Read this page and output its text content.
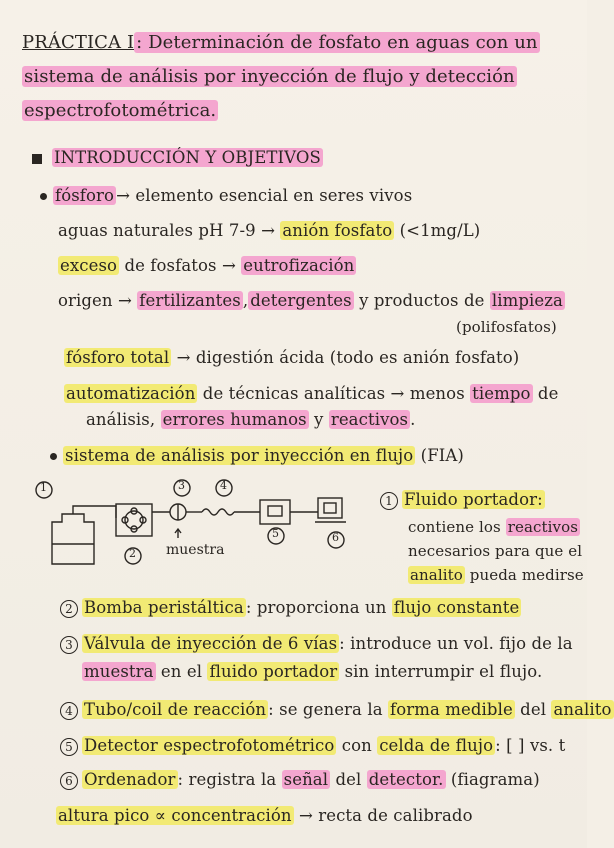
PRÁCTICA I : Determinación de fosfato en aguas con un
sistema de análisis por inyección de flujo y detección
espectrofotométrica.
INTRODUCCIÓN Y OBJETIVOS
fósforo → elemento esencial en seres vivos
aguas naturales pH 7-9 → anión fosfato (<1mg/L)
exceso de fosfatos → eutrofización
origen → fertilizantes , detergentes y productos de limpieza
(polifosfatos)
fósforo total → digestión ácida (todo es anión fosfato)
automatización de técnicas analíticas → menos tiempo de
análisis, errores humanos y reactivos .
sistema de análisis por inyección en flujo (FIA)
1	3	4
5	6
2 muestra
1 Fluido portador:
contiene los reactivos
necesarios para que el
analito pueda medirse
2 Bomba peristáltica : proporciona un flujo constante
3 Válvula de inyección de 6 vías : introduce un vol. fijo de la
muestra en el fluido portador sin interrumpir el flujo.
4 Tubo/coil de reacción : se genera la forma medible del analito
5 Detector espectrofotométrico con celda de flujo : [ ] vs. t
6 Ordenador : registra la señal del detector. (fiagrama)
altura pico ∝ concentración → recta de calibrado
